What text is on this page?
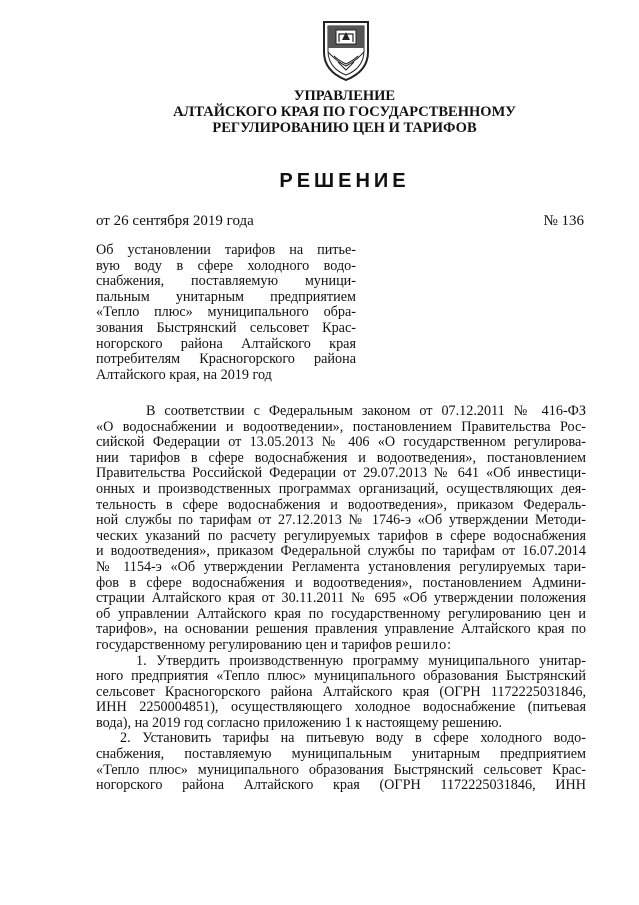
УПРАВЛЕНИЕ
АЛТАЙСКОГО КРАЯ ПО ГОСУДАРСТВЕННОМУ
РЕГУЛИРОВАНИЮ ЦЕН И ТАРИФОВ
РЕШЕНИЕ
от 26 сентября 2019 года	№ 136
Об установлении тарифов на питье-
вую воду в сфере холодного водо-
снабжения, поставляемую муници-
пальным унитарным предприятием
«Тепло плюс» муниципального обра-
зования Быстрянский сельсовет Крас-
ногорского района Алтайского края
потребителям Красногорского района
Алтайского края, на 2019 год
В соответствии с Федеральным законом от 07.12.2011 № 416-ФЗ
«О водоснабжении и водоотведении», постановлением Правительства Рос-
сийской Федерации от 13.05.2013 № 406 «О государственном регулирова-
нии тарифов в сфере водоснабжения и водоотведения», постановлением
Правительства Российской Федерации от 29.07.2013 № 641 «Об инвестици-
онных и производственных программах организаций, осуществляющих дея-
тельность в сфере водоснабжения и водоотведения», приказом Федераль-
ной службы по тарифам от 27.12.2013 № 1746-э «Об утверждении Методи-
ческих указаний по расчету регулируемых тарифов в сфере водоснабжения
и водоотведения», приказом Федеральной службы по тарифам от 16.07.2014
№ 1154-э «Об утверждении Регламента установления регулируемых тари-
фов в сфере водоснабжения и водоотведения», постановлением Админи-
страции Алтайского края от 30.11.2011 № 695 «Об утверждении положения
об управлении Алтайского края по государственному регулированию цен и
тарифов», на основании решения правления управление Алтайского края по
государственному регулированию цен и тарифов решило:
1. Утвердить производственную программу муниципального унитар-
ного предприятия «Тепло плюс» муниципального образования Быстрянский
сельсовет Красногорского района Алтайского края (ОГРН 1172225031846,
ИНН 2250004851), осуществляющего холодное водоснабжение (питьевая
вода), на 2019 год согласно приложению 1 к настоящему решению.
2. Установить тарифы на питьевую воду в сфере холодного водо-
снабжения, поставляемую муниципальным унитарным предприятием
«Тепло плюс» муниципального образования Быстрянский сельсовет Крас-
ногорского района Алтайского края (ОГРН 1172225031846, ИНН
